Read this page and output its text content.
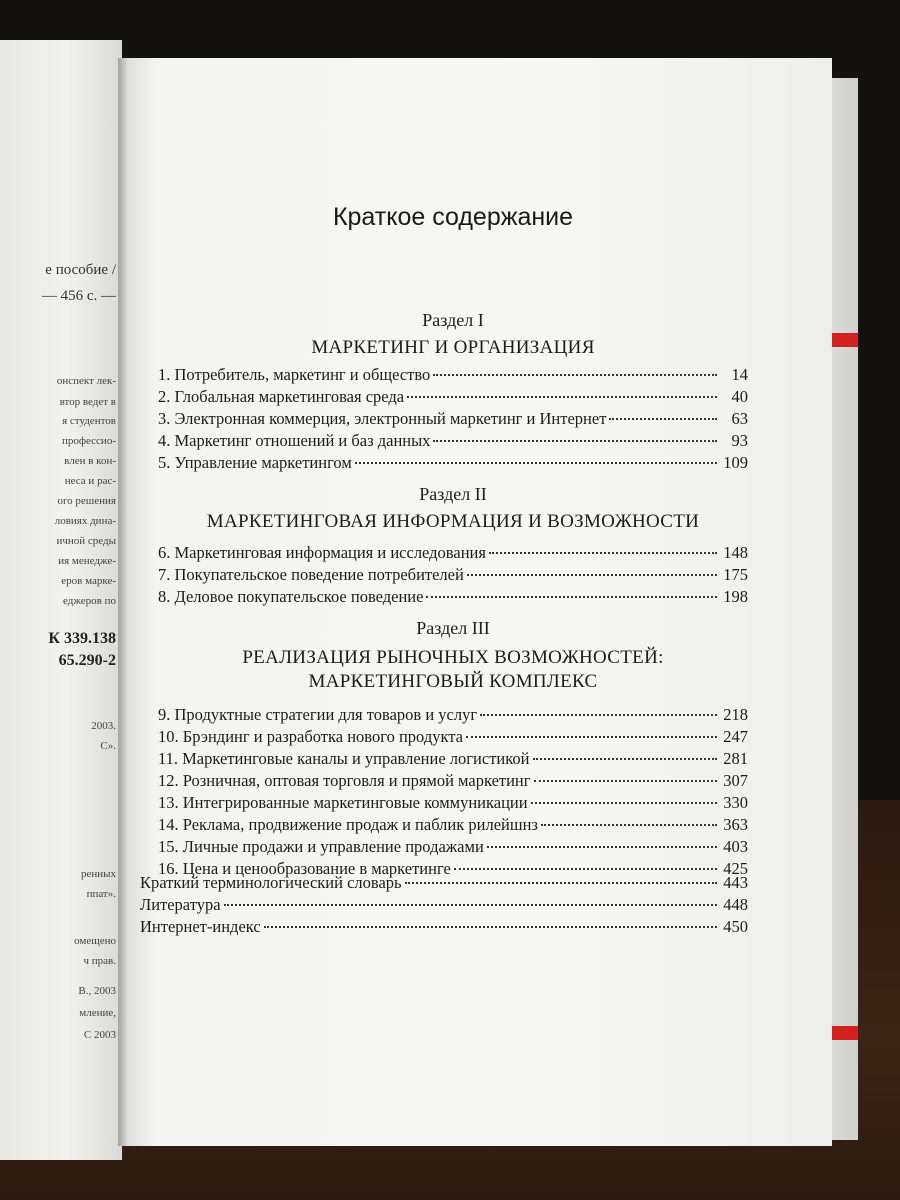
е пособие /
— 456 с. —
онспект лек-
втор ведет в
я студентов
профессио-
влен в кон-
неса и рас-
ого решения
ловиях дина-
ичной среды
ия менедже-
еров марке-
еджеров по
К 339.138
65.290-2
2003.
С».
ренных
ппат».
омещено
ч прав.
В., 2003
мление,
С 2003
Краткое содержание
Раздел I
МАРКЕТИНГ И ОРГАНИЗАЦИЯ
1. Потребитель, маркетинг и общество	14
2. Глобальная маркетинговая среда	40
3. Электронная коммерция, электронный маркетинг и Интернет	63
4. Маркетинг отношений и баз данных	93
5. Управление маркетингом	109
Раздел II
МАРКЕТИНГОВАЯ ИНФОРМАЦИЯ И ВОЗМОЖНОСТИ
6. Маркетинговая информация и исследования	148
7. Покупательское поведение потребителей	175
8. Деловое покупательское поведение	198
Раздел III
РЕАЛИЗАЦИЯ РЫНОЧНЫХ ВОЗМОЖНОСТЕЙ:
МАРКЕТИНГОВЫЙ КОМПЛЕКС
9. Продуктные стратегии для товаров и услуг	218
10. Брэндинг и разработка нового продукта	247
11. Маркетинговые каналы и управление логистикой	281
12. Розничная, оптовая торговля и прямой маркетинг	307
13. Интегрированные маркетинговые коммуникации	330
14. Реклама, продвижение продаж и паблик рилейшнз	363
15. Личные продажи и управление продажами	403
16. Цена и ценообразование в маркетинге	425
Краткий терминологический словарь	443
Литература	448
Интернет-индекс	450
